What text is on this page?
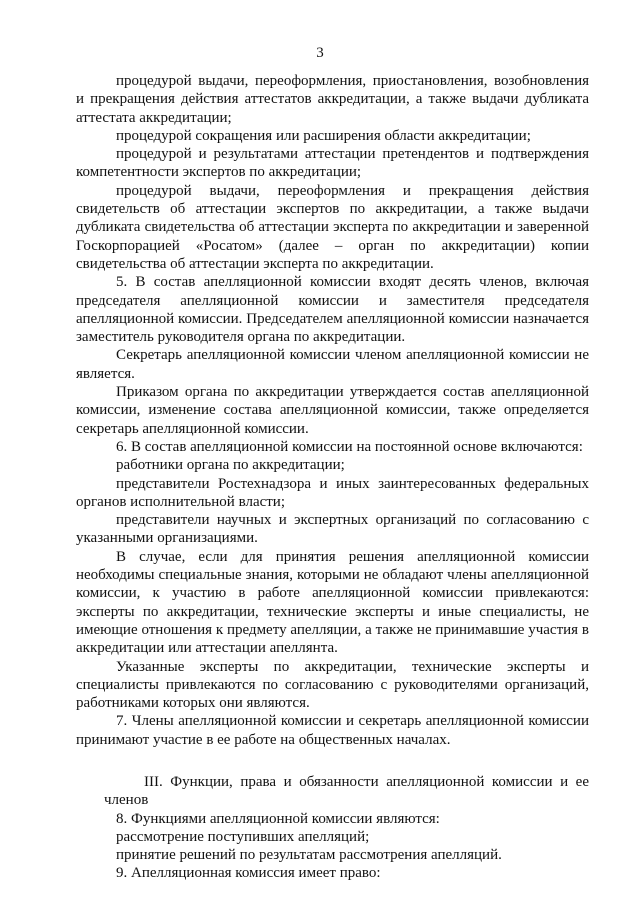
3

процедурой выдачи, переоформления, приостановления, возобновления и прекращения действия аттестатов аккредитации, а также выдачи дубликата аттестата аккредитации;

процедурой сокращения или расширения области аккредитации;

процедурой и результатами аттестации претендентов и подтверждения компетентности экспертов по аккредитации;

процедурой выдачи, переоформления и прекращения действия свидетельств об аттестации экспертов по аккредитации, а также выдачи дубликата свидетельства об аттестации эксперта по аккредитации и заверенной Госкорпорацией «Росатом» (далее – орган по аккредитации) копии свидетельства об аттестации эксперта по аккредитации.

5. В состав апелляционной комиссии входят десять членов, включая председателя апелляционной комиссии и заместителя председателя апелляционной комиссии. Председателем апелляционной комиссии назначается заместитель руководителя органа по аккредитации.

Секретарь апелляционной комиссии членом апелляционной комиссии не является.

Приказом органа по аккредитации утверждается состав апелляционной комиссии, изменение состава апелляционной комиссии, также определяется секретарь апелляционной комиссии.

6. В состав апелляционной комиссии на постоянной основе включаются:

работники органа по аккредитации;

представители Ростехнадзора и иных заинтересованных федеральных органов исполнительной власти;

представители научных и экспертных организаций по согласованию с указанными организациями.

В случае, если для принятия решения апелляционной комиссии необходимы специальные знания, которыми не обладают члены апелляционной комиссии, к участию в работе апелляционной комиссии привлекаются: эксперты по аккредитации, технические эксперты и иные специалисты, не имеющие отношения к предмету апелляции, а также не принимавшие участия в аккредитации или аттестации апеллянта.

Указанные эксперты по аккредитации, технические эксперты и специалисты привлекаются по согласованию с руководителями организаций, работниками которых они являются.

7. Члены апелляционной комиссии и секретарь апелляционной комиссии принимают участие в ее работе на общественных началах.

III. Функции, права и обязанности апелляционной комиссии и ее членов

8. Функциями апелляционной комиссии являются:

рассмотрение поступивших апелляций;

принятие решений по результатам рассмотрения апелляций.

9. Апелляционная комиссия имеет право:
